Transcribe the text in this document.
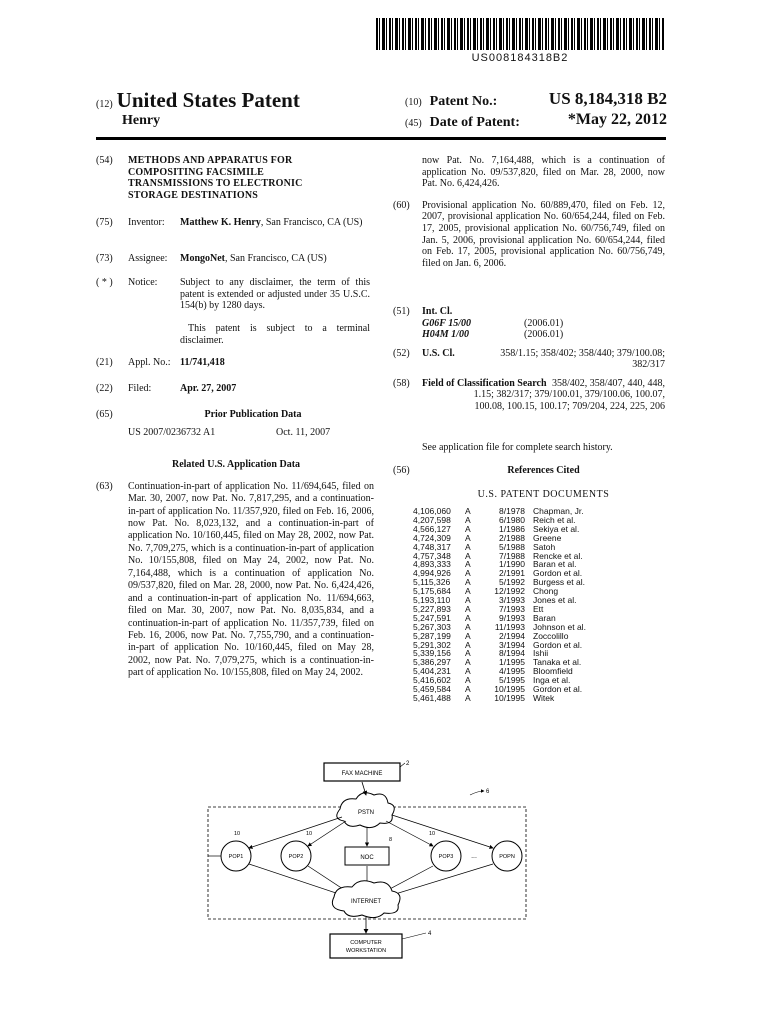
US008184318B2
(12) United States Patent
Henry
(10) Patent No.:	US 8,184,318 B2
(45) Date of Patent:	*May 22, 2012
(54) METHODS AND APPARATUS FOR COMPOSITING FACSIMILE TRANSMISSIONS TO ELECTRONIC STORAGE DESTINATIONS
(75) Inventor: Matthew K. Henry, San Francisco, CA (US)
(73) Assignee: MongoNet, San Francisco, CA (US)
( * ) Notice: Subject to any disclaimer, the term of this patent is extended or adjusted under 35 U.S.C. 154(b) by 1280 days.
This patent is subject to a terminal disclaimer.
(21) Appl. No.: 11/741,418
(22) Filed:	Apr. 27, 2007
(65)	Prior Publication Data
US 2007/0236732 A1	Oct. 11, 2007
Related U.S. Application Data
(63) Continuation-in-part of application No. 11/694,645, filed on Mar. 30, 2007, now Pat. No. 7,817,295, and a continuation-in-part of application No. 11/357,920, filed on Feb. 16, 2006, now Pat. No. 8,023,132, and a continuation-in-part of application No. 10/160,445, filed on May 28, 2002, now Pat. No. 7,709,275, which is a continuation-in-part of application No. 10/155,808, filed on May 24, 2002, now Pat. No. 7,164,488, which is a continuation of application No. 09/537,820, filed on Mar. 28, 2000, now Pat. No. 6,424,426, and a continuation-in-part of application No. 11/694,663, filed on Mar. 30, 2007, now Pat. No. 8,035,834, and a continuation-in-part of application No. 11/357,739, filed on Feb. 16, 2006, now Pat. No. 7,755,790, and a continuation-in-part of application No. 10/160,445, filed on May 28, 2002, now Pat. No. 7,079,275, which is a continuation-in-part of application No. 10/155,808, filed on May 24, 2002.
now Pat. No. 7,164,488, which is a continuation of application No. 09/537,820, filed on Mar. 28, 2000, now Pat. No. 6,424,426.
(60) Provisional application No. 60/889,470, filed on Feb. 12, 2007, provisional application No. 60/654,244, filed on Feb. 17, 2005, provisional application No. 60/756,749, filed on Jan. 5, 2006, provisional application No. 60/654,244, filed on Feb. 17, 2005, provisional application No. 60/756,749, filed on Jan. 6, 2006.
(51) Int. Cl.
G06F 15/00	(2006.01)
H04M 1/00	(2006.01)
(52) U.S. Cl.	358/1.15; 358/402; 358/440; 379/100.08; 382/317
(58) Field of Classification Search 358/402, 358/407, 440, 448, 1.15; 382/317; 379/100.01, 379/100.06, 100.07, 100.08, 100.15, 100.17; 709/204, 224, 225, 206
See application file for complete search history.
(56)	References Cited
U.S. PATENT DOCUMENTS
4,106,060	A	8/1978 Chapman, Jr.
4,207,598	A	6/1980 Reich et al.
4,566,127	A	1/1986 Sekiya et al.
4,724,309	A	2/1988 Greene
4,748,317	A	5/1988 Satoh
4,757,348	A	7/1988 Rencke et al.
4,893,333	A	1/1990 Baran et al.
4,994,926	A	2/1991 Gordon et al.
5,115,326	A	5/1992 Burgess et al.
5,175,684	A	12/1992 Chong
5,193,110	A	3/1993 Jones et al.
5,227,893	A	7/1993 Ett
5,247,591	A	9/1993 Baran
5,267,303	A	11/1993 Johnson et al.
5,287,199	A	2/1994 Zoccolillo
5,291,302	A	3/1994 Gordon et al.
5,339,156	A	8/1994 Ishii
5,386,297	A	1/1995 Tanaka et al.
5,404,231	A	4/1995 Bloomfield
5,416,602	A	5/1995 Inga et al.
5,459,584	A	10/1995 Gordon et al.
5,461,488	A	10/1995 Witek
FAX MACHINE
2
6
PSTN
POP1
10
POP2
10
NOC
8
POP3
10
...	POPN
INTERNET
COMPUTER
WORKSTATION
4
